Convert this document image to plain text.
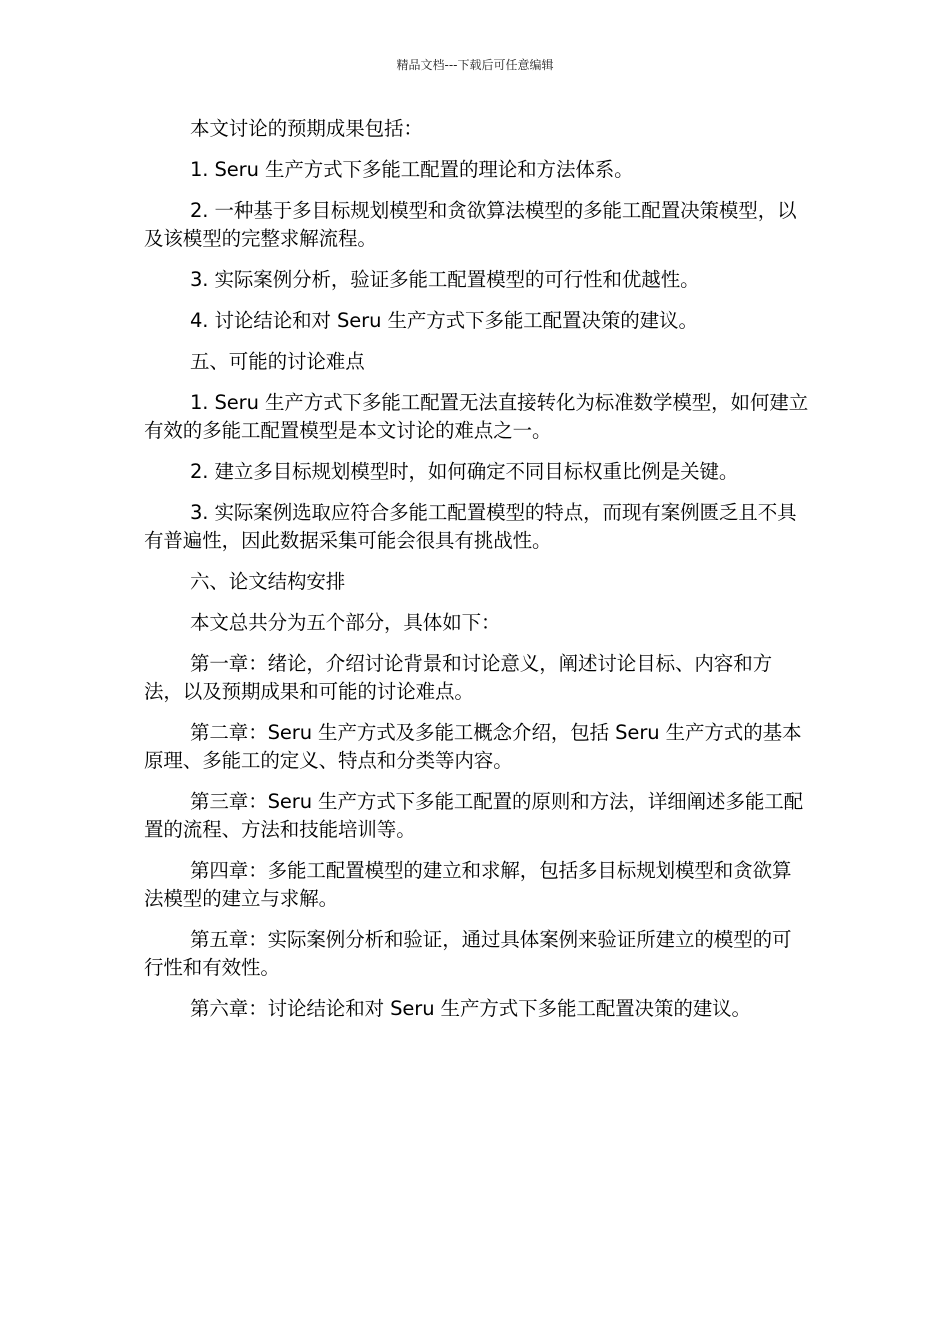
精品文档---下载后可任意编辑

本文讨论的预期成果包括：

1. Seru 生产方式下多能工配置的理论和方法体系。

2. 一种基于多目标规划模型和贪欲算法模型的多能工配置决策模型，以及该模型的完整求解流程。

3. 实际案例分析，验证多能工配置模型的可行性和优越性。

4. 讨论结论和对 Seru 生产方式下多能工配置决策的建议。

五、可能的讨论难点

1. Seru 生产方式下多能工配置无法直接转化为标准数学模型，如何建立有效的多能工配置模型是本文讨论的难点之一。

2. 建立多目标规划模型时，如何确定不同目标权重比例是关键。

3. 实际案例选取应符合多能工配置模型的特点，而现有案例匮乏且不具有普遍性，因此数据采集可能会很具有挑战性。

六、论文结构安排

本文总共分为五个部分，具体如下：

第一章：绪论，介绍讨论背景和讨论意义，阐述讨论目标、内容和方法，以及预期成果和可能的讨论难点。

第二章：Seru 生产方式及多能工概念介绍，包括 Seru 生产方式的基本原理、多能工的定义、特点和分类等内容。

第三章：Seru 生产方式下多能工配置的原则和方法，详细阐述多能工配置的流程、方法和技能培训等。

第四章：多能工配置模型的建立和求解，包括多目标规划模型和贪欲算法模型的建立与求解。

第五章：实际案例分析和验证，通过具体案例来验证所建立的模型的可行性和有效性。

第六章：讨论结论和对 Seru 生产方式下多能工配置决策的建议。
